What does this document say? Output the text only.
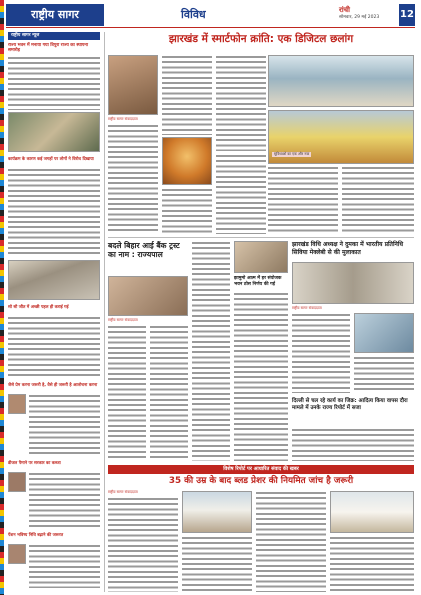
राष्ट्रीय सागर	विविध	रांची
सोमवार, 29 मई 2023 12
राष्ट्रीय सागर न्यूज
राज्य भवन में मनाया गया त्रिपुरा राज्य का स्थापना समारोह
कार्यक्रम के कारण कई जगहों पर लोगों ने विरोध दिखाया
सो सौ जीत में अच्छी पहल ही कराई गई
जैसे प्रेम करना जरूरी है, वैसे ही जरूरी है आलोचना करना
डीजल पैमाने पर सरकार का कब्जा
पेंशन भविष्य निधि बढ़ाने की जरूरत
झारखंड में स्मार्टफोन क्रांति: एक डिजिटल छलांग
राष्ट्रीय सागर संवाददाता
सुविधाओं का एक और नया
बदले बिहार आई बैंक ट्रस्ट का नाम : राज्यपाल
राष्ट्रीय सागर संवाददाता
झामुमो आत्म में हर संयोजक भवन ठोस निर्णय की गई
झारखंड विधि अध्यक्ष ने दुमका में भारतीय प्रतिनिधि सिविया मेक्लेबी से की मुलाकात
राष्ट्रीय सागर संवाददाता
दिल्ली से चल रहे कार्य का जिक्र: आदित्य किया वापस दौरा मामले में उनके राज्य रिपोर्ट में सजा
विशेष रिपोर्ट पर आधारित संवाद की खबर
35 की उम्र के बाद ब्लड प्रेशर की नियमित जांच है जरूरी
राष्ट्रीय सागर संवाददाता
